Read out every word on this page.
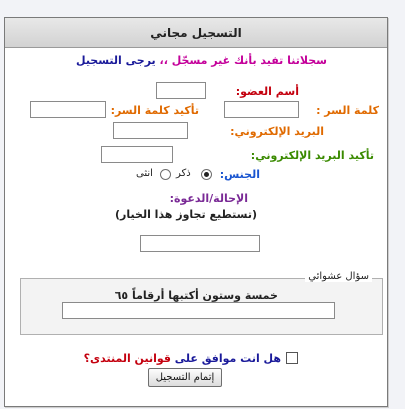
التسجيل مجاني
سجلاتنا تفيد بأنك غير مسجّل ،، يرجى التسجيل
أسم العضو:
كلمة السر :
تأكيد كلمة السر:
البريد الإلكتروني:
تأكيد البريد الإلكتروني:
الجنس:
ذكر
انثى
الإحالة/الدعوة:
(تستطيع تجاوز هذا الخيار)
سؤال عشوائي
خمسة وستون أكتبها أرقاماً ٦٥
هل انت موافق على قوانين المنتدى؟
إتمام التسجيل
